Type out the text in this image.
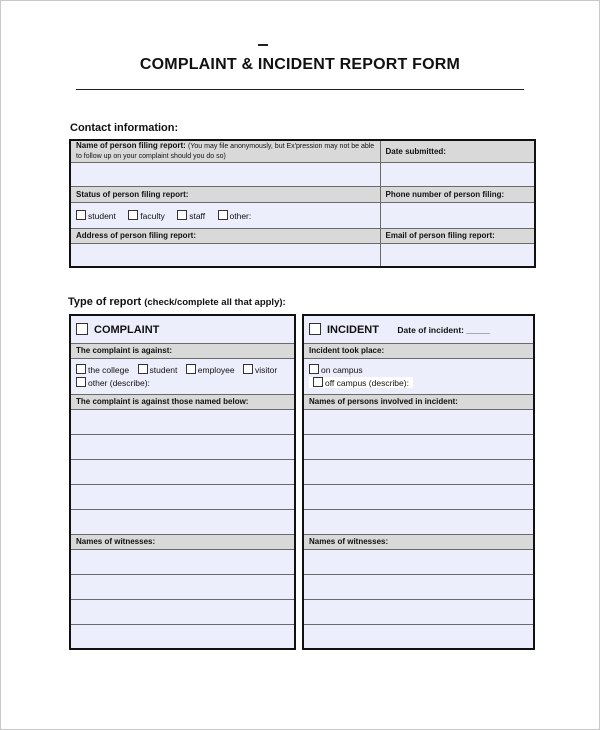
COMPLAINT & INCIDENT REPORT FORM
Contact information:
Name of person filing report: (You may file anonymously, but Ex'pression may not be able to follow up on your complaint should you do so)	Date submitted:

Status of person filing report:	Phone number of person filing:
student faculty staff other:	
Address of person filing report:	Email of person filing report:

Type of report (check/complete all that apply):
COMPLAINT
The complaint is against:

the college student employee visitor
other (describe):

The complaint is against those named below:

Names of witnesses:

INCIDENT Date of incident: _____
Incident took place:

on campus
off campus (describe):

Names of persons involved in incident:

Names of witnesses:
